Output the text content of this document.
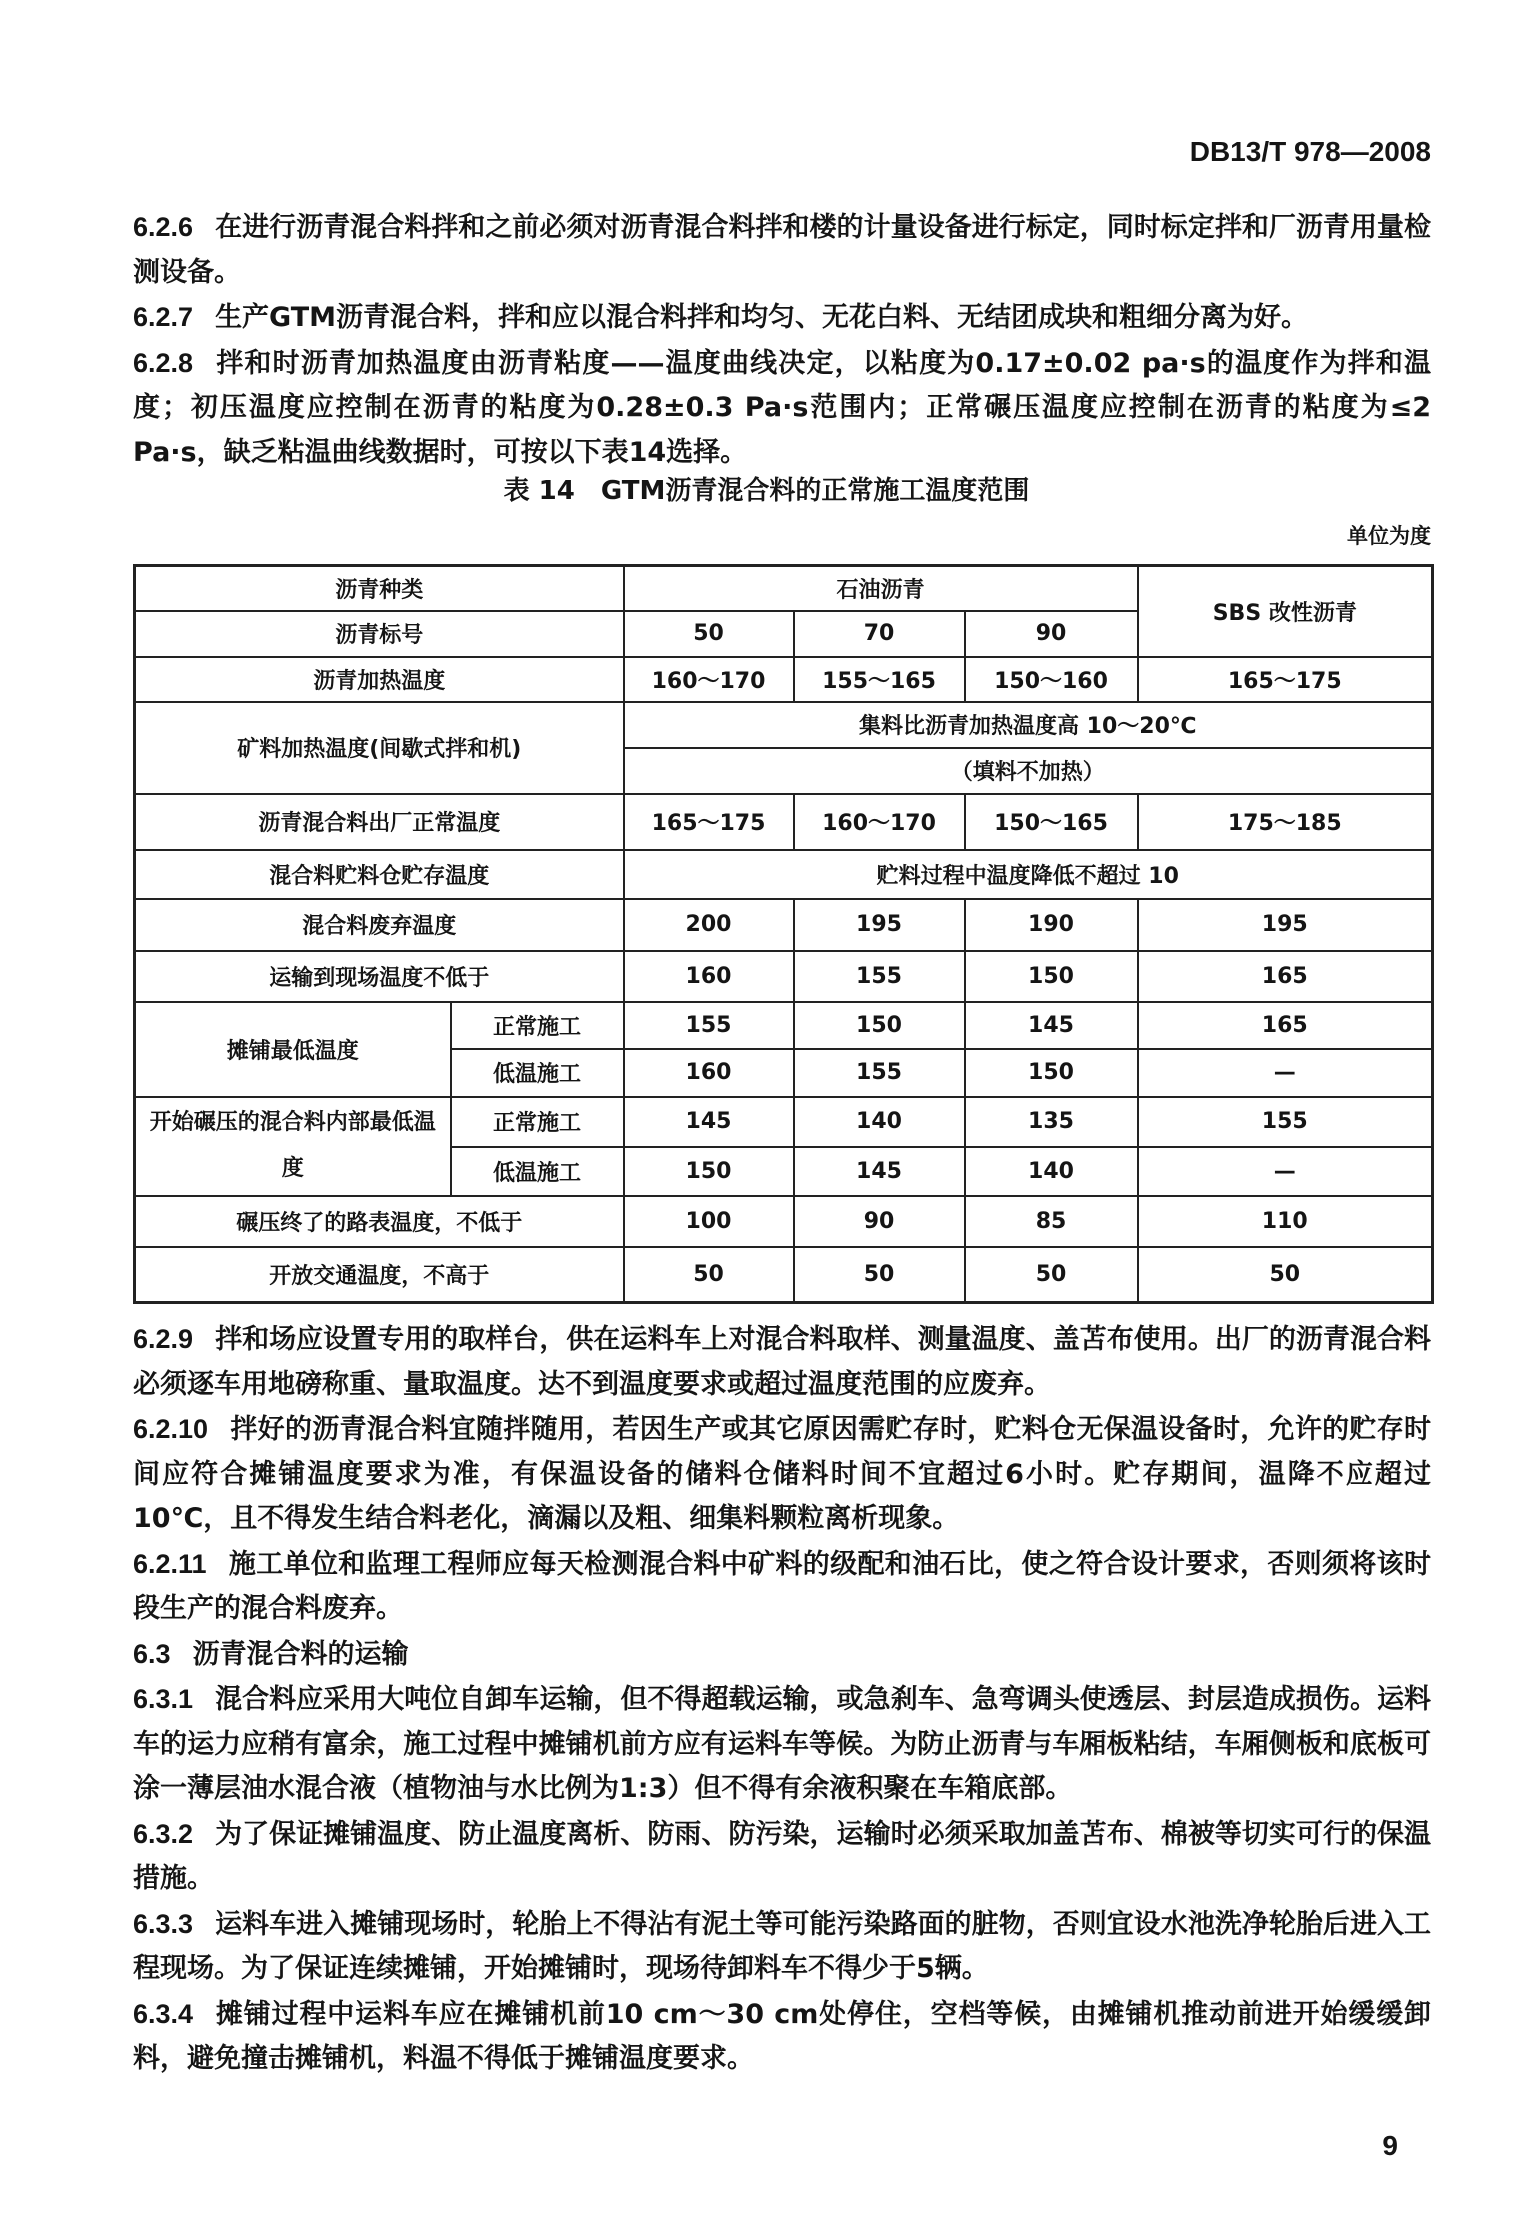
DB13/T 978—2008

6.2.6 在进行沥青混合料拌和之前必须对沥青混合料拌和楼的计量设备进行标定，同时标定拌和厂沥青用量检测设备。

6.2.7 生产GTM沥青混合料，拌和应以混合料拌和均匀、无花白料、无结团成块和粗细分离为好。

6.2.8 拌和时沥青加热温度由沥青粘度——温度曲线决定，以粘度为0.17±0.02 pa·s的温度作为拌和温度；初压温度应控制在沥青的粘度为0.28±0.3 Pa·s范围内；正常碾压温度应控制在沥青的粘度为≤2 Pa·s，缺乏粘温曲线数据时，可按以下表14选择。

表 14　GTM沥青混合料的正常施工温度范围
单位为度
沥青种类		石油沥青			SBS 改性沥青
沥青标号		50	70	90	
沥青加热温度		160～170	155～165	150～160	165～175
矿料加热温度(间歇式拌和机)		集料比沥青加热温度高 10～20℃			
		（填料不加热）			
沥青混合料出厂正常温度		165～175	160～170	150～165	175～185
混合料贮料仓贮存温度		贮料过程中温度降低不超过 10			
混合料废弃温度		200	195	190	195
运输到现场温度不低于		160	155	150	165
摊铺最低温度	正常施工	155	150	145	165
	低温施工	160	155	150	—
开始碾压的混合料内部最低温度	正常施工	145	140	135	155
	低温施工	150	145	140	—
碾压终了的路表温度，不低于		100	90	85	110
开放交通温度，不高于		50	50	50	50

6.2.9 拌和场应设置专用的取样台，供在运料车上对混合料取样、测量温度、盖苫布使用。出厂的沥青混合料必须逐车用地磅称重、量取温度。达不到温度要求或超过温度范围的应废弃。

6.2.10 拌好的沥青混合料宜随拌随用，若因生产或其它原因需贮存时，贮料仓无保温设备时，允许的贮存时间应符合摊铺温度要求为准，有保温设备的储料仓储料时间不宜超过6小时。贮存期间，温降不应超过10℃，且不得发生结合料老化，滴漏以及粗、细集料颗粒离析现象。

6.2.11 施工单位和监理工程师应每天检测混合料中矿料的级配和油石比，使之符合设计要求，否则须将该时段生产的混合料废弃。

6.3 沥青混合料的运输

6.3.1 混合料应采用大吨位自卸车运输，但不得超载运输，或急刹车、急弯调头使透层、封层造成损伤。运料车的运力应稍有富余，施工过程中摊铺机前方应有运料车等候。为防止沥青与车厢板粘结，车厢侧板和底板可涂一薄层油水混合液（植物油与水比例为1:3）但不得有余液积聚在车箱底部。

6.3.2 为了保证摊铺温度、防止温度离析、防雨、防污染，运输时必须采取加盖苫布、棉被等切实可行的保温措施。

6.3.3 运料车进入摊铺现场时，轮胎上不得沾有泥土等可能污染路面的脏物，否则宜设水池洗净轮胎后进入工程现场。为了保证连续摊铺，开始摊铺时，现场待卸料车不得少于5辆。

6.3.4 摊铺过程中运料车应在摊铺机前10 cm～30 cm处停住，空档等候，由摊铺机推动前进开始缓缓卸料，避免撞击摊铺机，料温不得低于摊铺温度要求。

9
